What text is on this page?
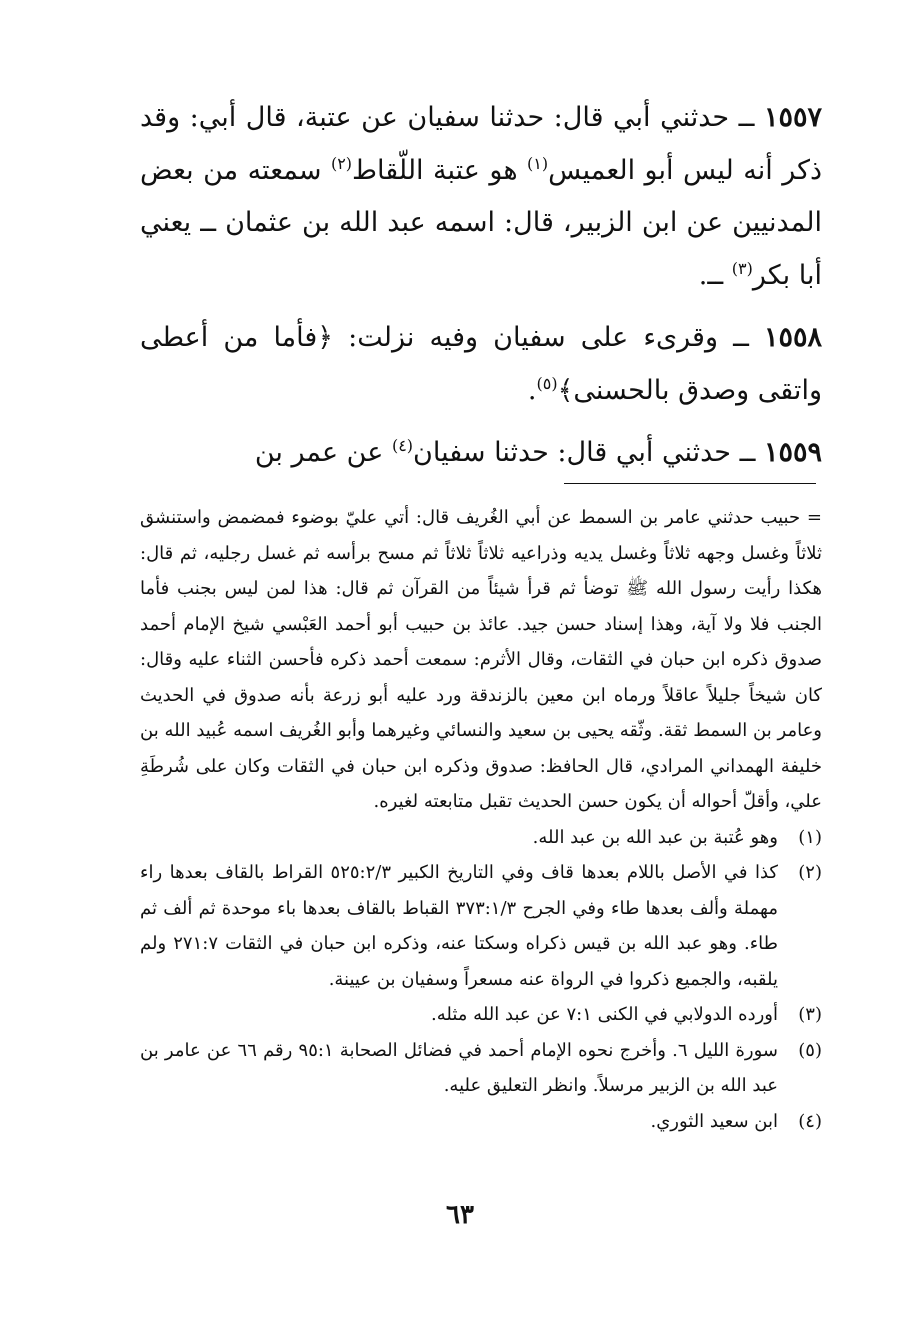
١٥٥٧ ــ حدثني أبي قال: حدثنا سفيان عن عتبة، قال أبي: وقد ذكر أنه ليس أبو العميس$^{(١)}$ هو عتبة اللّقاط$^{(٢)}$ سمعته من بعض المدنيين عن ابن الزبير، قال: اسمه عبد الله بن عثمان ــ يعني أبا بكر$^{(٣)}$ ــ.

١٥٥٨ ــ وقرىء على سفيان وفيه نزلت: ﴿فأما من أعطى واتقى وصدق بالحسنى﴾$^{(٥)}$.

١٥٥٩ ــ حدثني أبي قال: حدثنا سفيان$^{(٤)}$ عن عمر بن

= حبيب حدثني عامر بن السمط عن أبي الغُريف قال: أتي عليّ بوضوء فمضمض واستنشق ثلاثاً وغسل وجهه ثلاثاً وغسل يديه وذراعيه ثلاثاً ثلاثاً ثم مسح برأسه ثم غسل رجليه، ثم قال: هكذا رأيت رسول الله ﷺ توضأ ثم قرأ شيئاً من القرآن ثم قال: هذا لمن ليس بجنب فأما الجنب فلا ولا آية، وهذا إسناد حسن جيد. عائذ بن حبيب أبو أحمد العَبْسي شيخ الإمام أحمد صدوق ذكره ابن حبان في الثقات، وقال الأثرم: سمعت أحمد ذكره فأحسن الثناء عليه وقال: كان شيخاً جليلاً عاقلاً ورماه ابن معين بالزندقة ورد عليه أبو زرعة بأنه صدوق في الحديث وعامر بن السمط ثقة. وثّقه يحيى بن سعيد والنسائي وغيرهما وأبو الغُريف اسمه عُبيد الله بن خليفة الهمداني المرادي، قال الحافظ: صدوق وذكره ابن حبان في الثقات وكان على شُرطَةِ علي، وأقلّ أحواله أن يكون حسن الحديث تقبل متابعته لغيره.

(١)
وهو عُتبة بن عبد الله بن عبد الله.
(٢)
كذا في الأصل باللام بعدها قاف وفي التاريخ الكبير ٥٢٥:٢/٣ القراط بالقاف بعدها راء مهملة وألف بعدها طاء وفي الجرح ٣٧٣:١/٣ القباط بالقاف بعدها باء موحدة ثم ألف ثم طاء. وهو عبد الله بن قيس ذكراه وسكتا عنه، وذكره ابن حبان في الثقات ٢٧١:٧ ولم يلقبه، والجميع ذكروا في الرواة عنه مسعراً وسفيان بن عيينة.
(٣)
أورده الدولابي في الكنى ٧:١ عن عبد الله مثله.
(٥)
سورة الليل ٦. وأخرج نحوه الإمام أحمد في فضائل الصحابة ٩٥:١ رقم ٦٦ عن عامر بن عبد الله بن الزبير مرسلاً. وانظر التعليق عليه.
(٤)
ابن سعيد الثوري.
٦٣
